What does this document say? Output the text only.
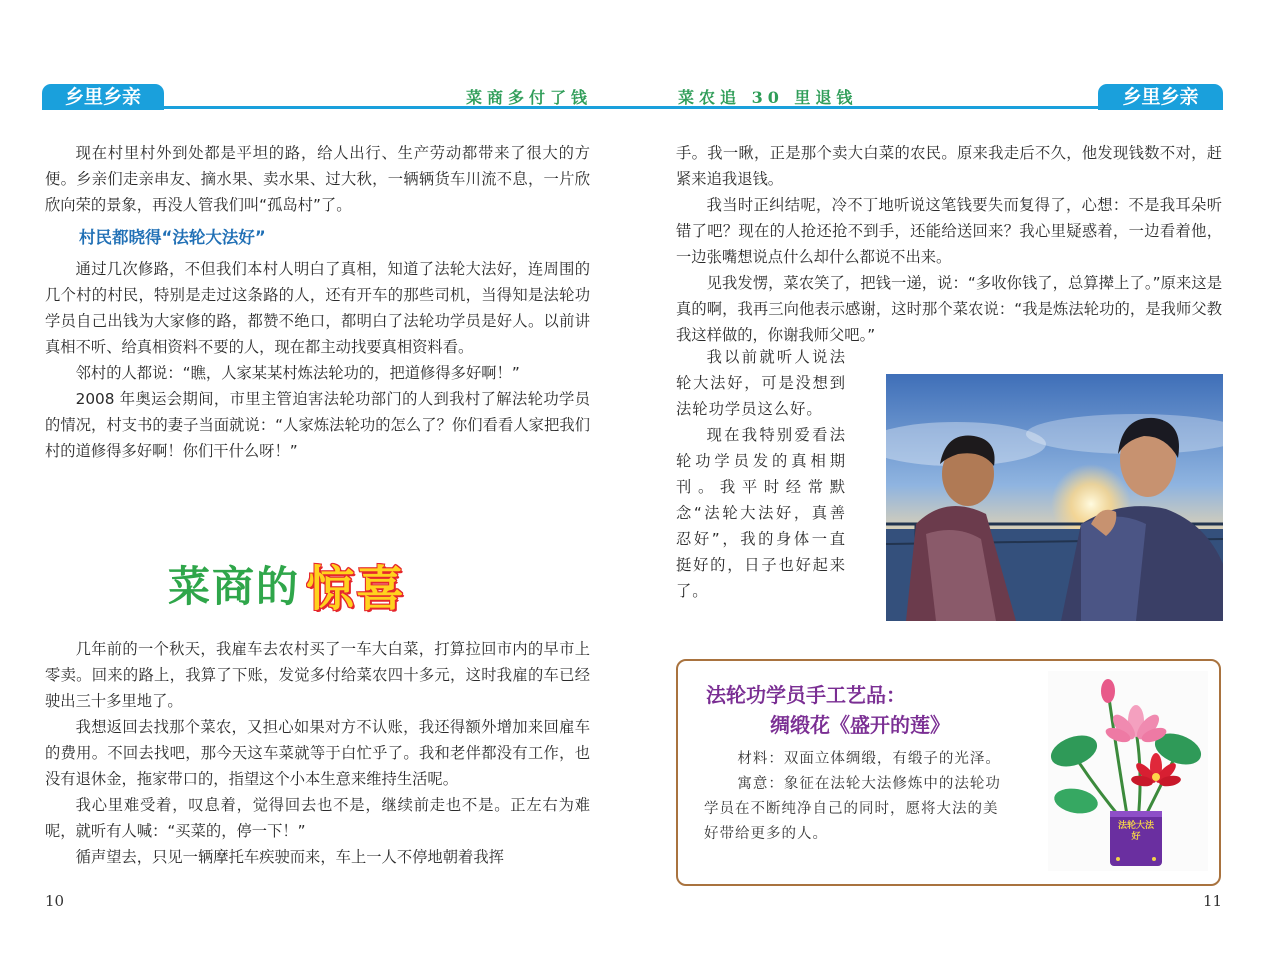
乡里乡亲	乡里乡亲
菜商多付了钱	菜农追 30 里退钱

现在村里村外到处都是平坦的路，给人出行、生产劳动都带来了很大的方便。乡亲们走亲串友、摘水果、卖水果、过大秋，一辆辆货车川流不息，一片欣欣向荣的景象，再没人管我们叫“孤岛村”了。

村民都晓得“法轮大法好”

通过几次修路，不但我们本村人明白了真相，知道了法轮大法好，连周围的几个村的村民，特别是走过这条路的人，还有开车的那些司机，当得知是法轮功学员自己出钱为大家修的路，都赞不绝口，都明白了法轮功学员是好人。以前讲真相不听、给真相资料不要的人，现在都主动找要真相资料看。

邻村的人都说：“瞧，人家某某村炼法轮功的，把道修得多好啊！”

2008 年奥运会期间，市里主管迫害法轮功部门的人到我村了解法轮功学员的情况，村支书的妻子当面就说：“人家炼法轮功的怎么了？你们看看人家把我们村的道修得多好啊！你们干什么呀！”

菜商的 惊喜

几年前的一个秋天，我雇车去农村买了一车大白菜，打算拉回市内的早市上零卖。回来的路上，我算了下账，发觉多付给菜农四十多元，这时我雇的车已经驶出三十多里地了。

我想返回去找那个菜农，又担心如果对方不认账，我还得额外增加来回雇车的费用。不回去找吧，那今天这车菜就等于白忙乎了。我和老伴都没有工作，也没有退休金，拖家带口的，指望这个小本生意来维持生活呢。

我心里难受着，叹息着，觉得回去也不是，继续前走也不是。正左右为难呢，就听有人喊：“买菜的，停一下！”

循声望去，只见一辆摩托车疾驶而来，车上一人不停地朝着我挥

手。我一瞅，正是那个卖大白菜的农民。原来我走后不久，他发现钱数不对，赶紧来追我退钱。

我当时正纠结呢，冷不丁地听说这笔钱要失而复得了，心想：不是我耳朵听错了吧？现在的人抢还抢不到手，还能给送回来？我心里疑惑着，一边看着他，一边张嘴想说点什么却什么都说不出来。

见我发愣，菜农笑了，把钱一递，说：“多收你钱了，总算撵上了。”原来这是真的啊，我再三向他表示感谢，这时那个菜农说：“我是炼法轮功的，是我师父教我这样做的，你谢我师父吧。”

我以前就听人说法轮大法好，可是没想到法轮功学员这么好。

现在我特别爱看法轮功学员发的真相期刊。我平时经常默念“法轮大法好，真善忍好”，我的身体一直挺好的，日子也好起来了。

法轮功学员手工艺品：
绸缎花《盛开的莲》

材料：双面立体绸缎，有缎子的光泽。

寓意：象征在法轮大法修炼中的法轮功学员在不断纯净自己的同时，愿将大法的美好带给更多的人。	法轮大法好
10	11
